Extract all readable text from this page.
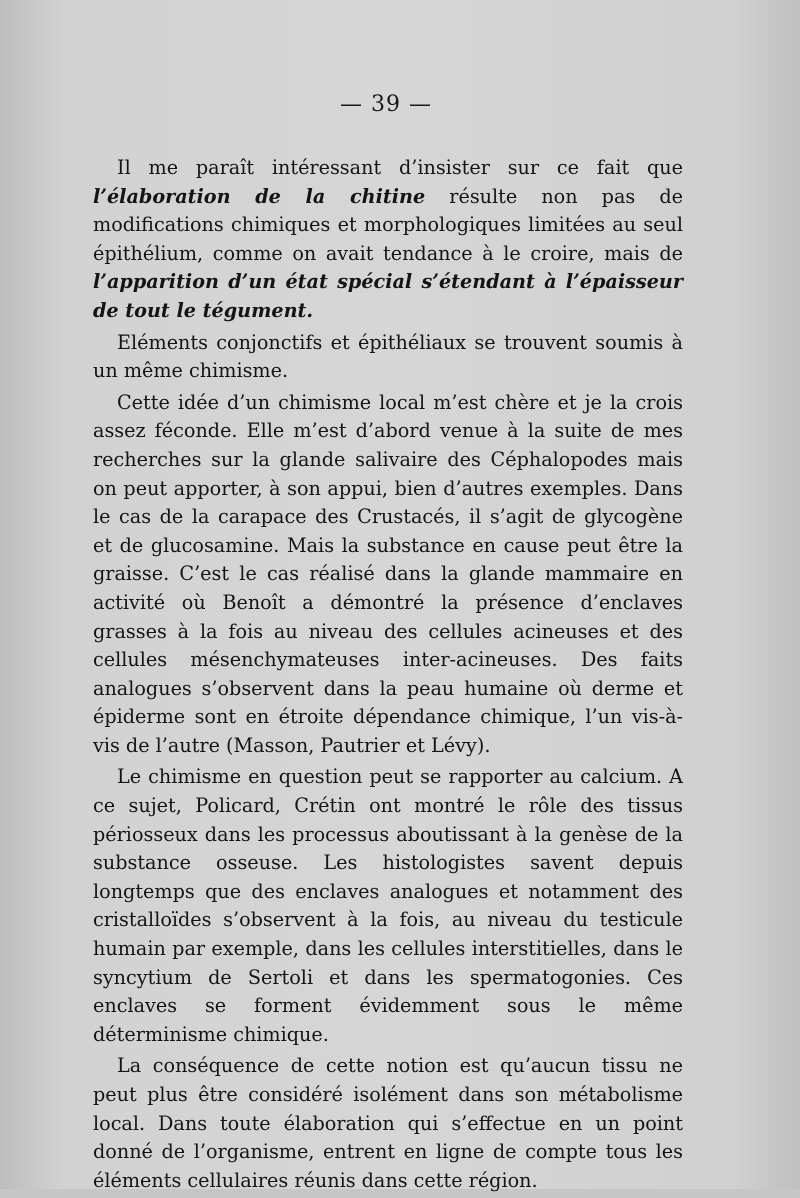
— 39 —

Il me paraît intéressant d’insister sur ce fait que l’élaboration de la chitine résulte non pas de modifications chimiques et morphologiques limitées au seul épithélium, comme on avait tendance à le croire, mais de l’apparition d’un état spécial s’étendant à l’épaisseur de tout le tégument.

Eléments conjonctifs et épithéliaux se trouvent soumis à un même chimisme.

Cette idée d’un chimisme local m’est chère et je la crois assez féconde. Elle m’est d’abord venue à la suite de mes recherches sur la glande salivaire des Céphalopodes mais on peut apporter, à son appui, bien d’autres exemples. Dans le cas de la carapace des Crustacés, il s’agit de glycogène et de glucosamine. Mais la substance en cause peut être la graisse. C’est le cas réalisé dans la glande mammaire en activité où Benoît a démontré la présence d’enclaves grasses à la fois au niveau des cellules acineuses et des cellules mésenchymateuses inter-acineuses. Des faits analogues s’observent dans la peau humaine où derme et épiderme sont en étroite dépendance chimique, l’un vis-à-vis de l’autre (Masson, Pautrier et Lévy).

Le chimisme en question peut se rapporter au calcium. A ce sujet, Policard, Crétin ont montré le rôle des tissus périosseux dans les processus aboutissant à la genèse de la substance osseuse. Les histologistes savent depuis longtemps que des enclaves analogues et notamment des cristalloïdes s’observent à la fois, au niveau du testicule humain par exemple, dans les cellules interstitielles, dans le syncytium de Sertoli et dans les spermatogonies. Ces enclaves se forment évidemment sous le même déterminisme chimique.

La conséquence de cette notion est qu’aucun tissu ne peut plus être considéré isolément dans son métabolisme local. Dans toute élaboration qui s’effectue en un point donné de l’organisme, entrent en ligne de compte tous les éléments cellulaires réunis dans cette région.
